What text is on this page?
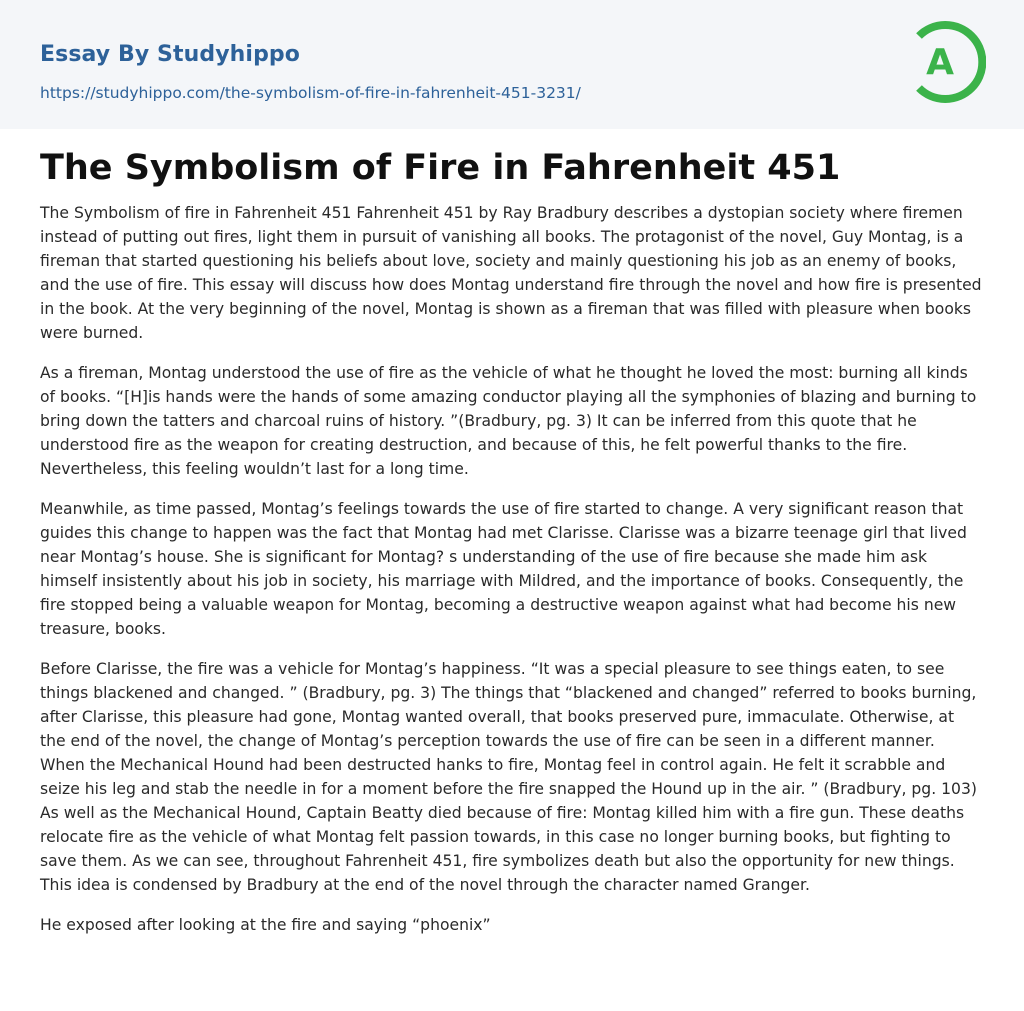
Essay By Studyhippo
https://studyhippo.com/the-symbolism-of-fire-in-fahrenheit-451-3231/
A
The Symbolism of Fire in Fahrenheit 451

The Symbolism of fire in Fahrenheit 451 Fahrenheit 451 by Ray Bradbury describes a dystopian society where firemen instead of putting out fires, light them in pursuit of vanishing all books. The protagonist of the novel, Guy Montag, is a fireman that started questioning his beliefs about love, society and mainly questioning his job as an enemy of books, and the use of fire. This essay will discuss how does Montag understand fire through the novel and how fire is presented in the book. At the very beginning of the novel, Montag is shown as a fireman that was filled with pleasure when books were burned.

As a fireman, Montag understood the use of fire as the vehicle of what he thought he loved the most: burning all kinds of books. “[H]is hands were the hands of some amazing conductor playing all the symphonies of blazing and burning to bring down the tatters and charcoal ruins of history. ”(Bradbury, pg. 3) It can be inferred from this quote that he understood fire as the weapon for creating destruction, and because of this, he felt powerful thanks to the fire. Nevertheless, this feeling wouldn’t last for a long time.

Meanwhile, as time passed, Montag’s feelings towards the use of fire started to change. A very significant reason that guides this change to happen was the fact that Montag had met Clarisse. Clarisse was a bizarre teenage girl that lived near Montag’s house. She is significant for Montag? s understanding of the use of fire because she made him ask himself insistently about his job in society, his marriage with Mildred, and the importance of books. Consequently, the fire stopped being a valuable weapon for Montag, becoming a destructive weapon against what had become his new treasure, books.

Before Clarisse, the fire was a vehicle for Montag’s happiness. “It was a special pleasure to see things eaten, to see things blackened and changed. ” (Bradbury, pg. 3) The things that “blackened and changed” referred to books burning, after Clarisse, this pleasure had gone, Montag wanted overall, that books preserved pure, immaculate. Otherwise, at the end of the novel, the change of Montag’s perception towards the use of fire can be seen in a different manner. When the Mechanical Hound had been destructed hanks to fire, Montag feel in control again. He felt it scrabble and seize his leg and stab the needle in for a moment before the fire snapped the Hound up in the air. ” (Bradbury, pg. 103) As well as the Mechanical Hound, Captain Beatty died because of fire: Montag killed him with a fire gun. These deaths relocate fire as the vehicle of what Montag felt passion towards, in this case no longer burning books, but fighting to save them. As we can see, throughout Fahrenheit 451, fire symbolizes death but also the opportunity for new things. This idea is condensed by Bradbury at the end of the novel through the character named Granger.

He exposed after looking at the fire and saying “phoenix”
